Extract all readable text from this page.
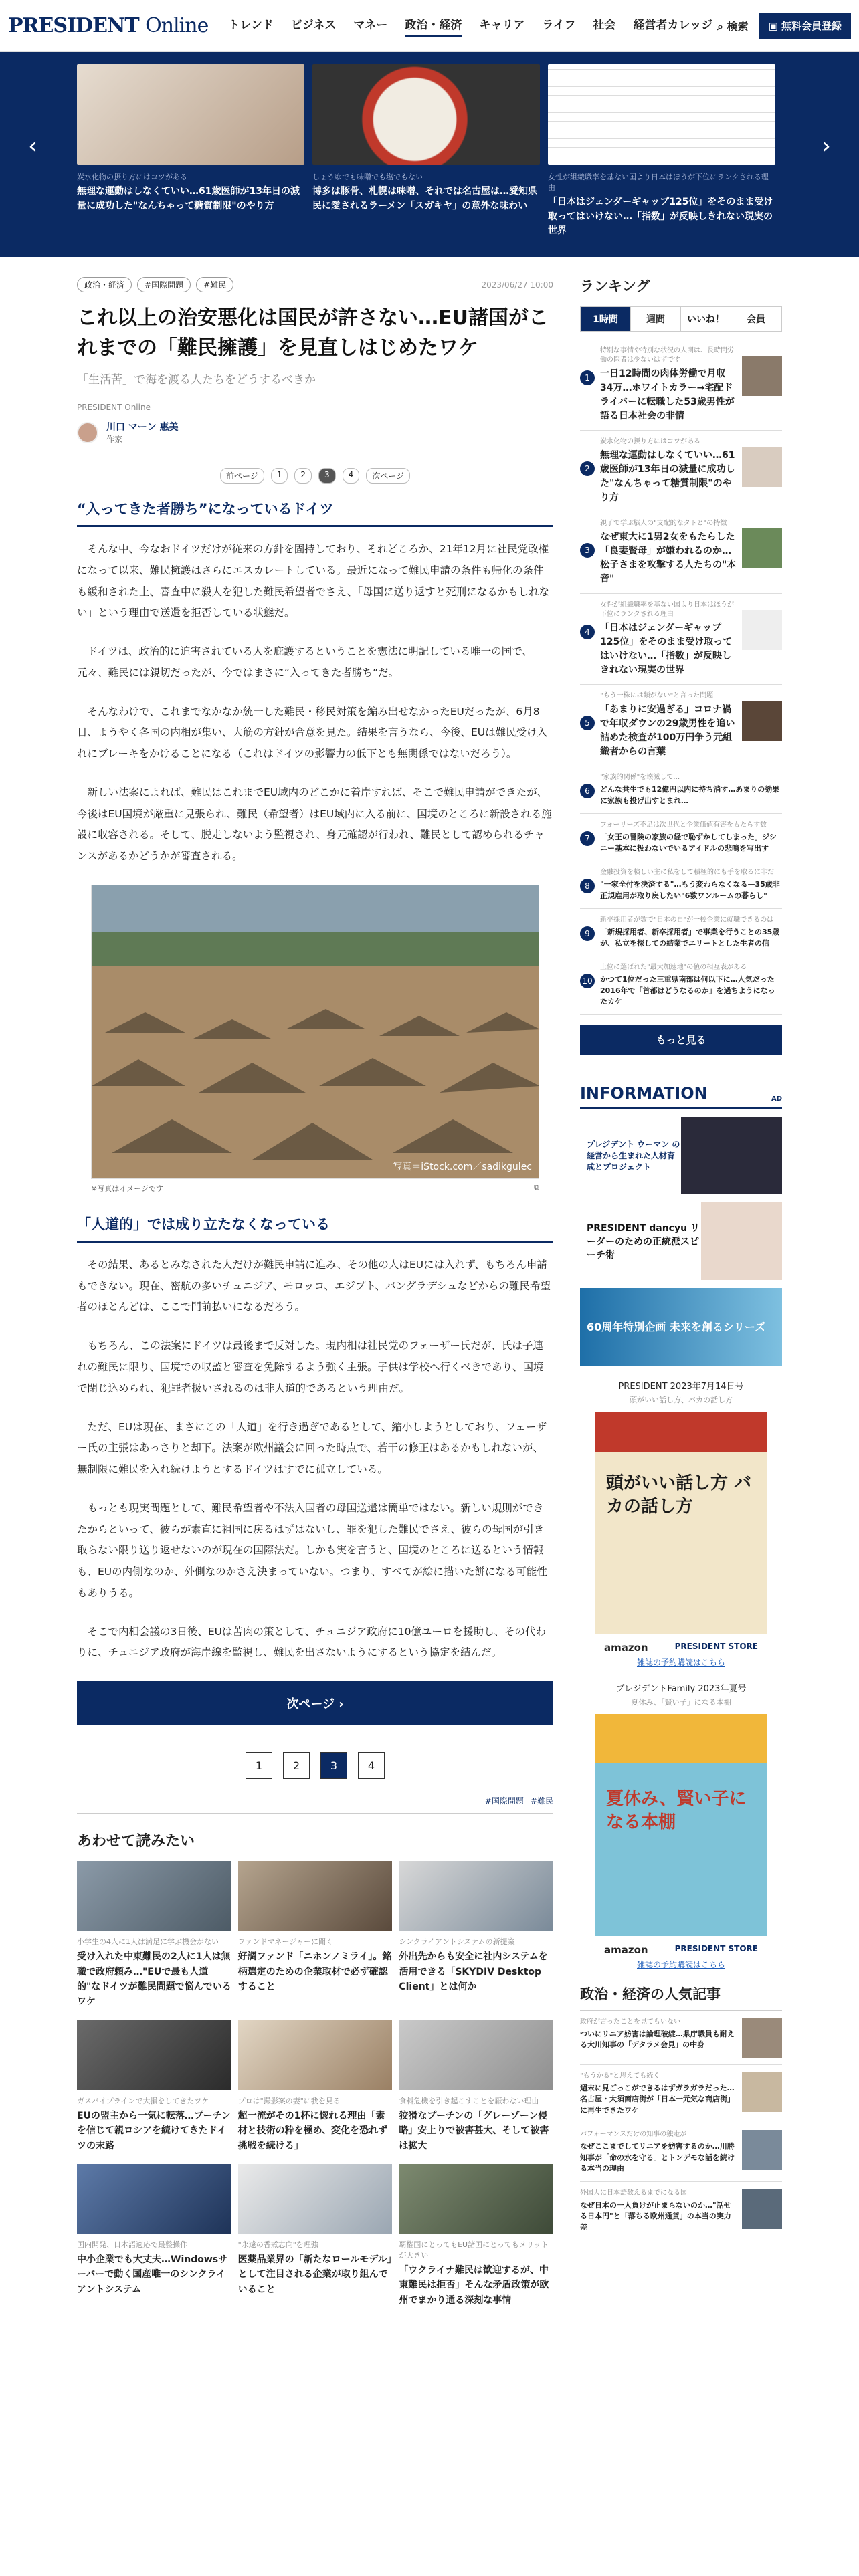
PRESIDENT Online トレンド ビジネス マネー 政治・経済 キャリア ライフ 社会 経営者カレッジ ⌕ 検索	▣ 無料会員登録
‹	›
炭水化物の摂り方にはコツがある
無理な運動はしなくていい…61歳医師が13年日の減量に成功した"なんちゃって糖質制限"のやり方
しょうゆでも味噌でも塩でもない
博多は豚骨、札幌は味噌、それでは名古屋は…愛知県民に愛されるラーメン「スガキヤ」の意外な味わい
女性が組織職率を基ない国より日本はほうが下位にランクされる理由
「日本はジェンダーギャップ125位」をそのまま受け取ってはいけない…「指数」が反映しきれない現実の世界
政治・経済	#国際問題	#難民	2023/06/27 10:00
これ以上の治安悪化は国民が許さない…EU諸国がこれまでの「難民擁護」を見直しはじめたワケ
「生活苦」で海を渡る人たちをどうするべきか
PRESIDENT Online
川口 マーン 惠美
作家
前ページ	1	2	3	4	次ページ
“入ってきた者勝ち”になっているドイツ

そんな中、今なおドイツだけが従来の方針を固持しており、それどころか、21年12月に社民党政権になって以来、難民擁護はさらにエスカレートしている。最近になって難民申請の条件も帰化の条件も緩和された上、審査中に殺人を犯した難民希望者でさえ、「母国に送り返すと死刑になるかもしれない」という理由で送還を拒否している状態だ。

ドイツは、政治的に迫害されている人を庇護するということを憲法に明記している唯一の国で、元々、難民には親切だったが、今ではまさに“入ってきた者勝ち”だ。

そんなわけで、これまでなかなか統一した難民・移民対策を編み出せなかったEUだったが、6月8日、ようやく各国の内相が集い、大筋の方針が合意を見た。結果を言うなら、今後、EUは難民受け入れにブレーキをかけることになる（これはドイツの影響力の低下とも無関係ではないだろう）。

新しい法案によれば、難民はこれまでEU域内のどこかに着岸すれば、そこで難民申請ができたが、今後はEU国境が厳重に見張られ、難民（希望者）はEU域内に入る前に、国境のところに新設される施設に収容される。そして、脱走しないよう監視され、身元確認が行われ、難民として認められるチャンスがあるかどうかが審査される。

写真＝iStock.com／sadikgulec
※写真はイメージです	⧉
「人道的」では成り立たなくなっている

その結果、あるとみなされた人だけが難民申請に進み、その他の人はEUには入れず、もちろん申請もできない。現在、密航の多いチュニジア、モロッコ、エジプト、バングラデシュなどからの難民希望者のほとんどは、ここで門前払いになるだろう。

もちろん、この法案にドイツは最後まで反対した。現内相は社民党のフェーザー氏だが、氏は子連れの難民に限り、国境での収監と審査を免除するよう強く主張。子供は学校へ行くべきであり、国境で閉じ込められ、犯罪者扱いされるのは非人道的であるという理由だ。

ただ、EUは現在、まさにこの「人道」を行き過ぎであるとして、縮小しようとしており、フェーザー氏の主張はあっさりと却下。法案が欧州議会に回った時点で、若干の修正はあるかもしれないが、無制限に難民を入れ続けようとするドイツはすでに孤立している。

もっとも現実問題として、難民希望者や不法入国者の母国送還は簡単ではない。新しい規則ができたからといって、彼らが素直に祖国に戻るはずはないし、罪を犯した難民でさえ、彼らの母国が引き取らない限り送り返せないのが現在の国際法だ。しかも実を言うと、国境のところに送るという情報も、EUの内側なのか、外側なのかさえ決まっていない。つまり、すべてが絵に描いた餅になる可能性もありうる。

そこで内相会議の3日後、EUは苦肉の策として、チュニジア政府に10億ユーロを援助し、その代わりに、チュニジア政府が海岸線を監視し、難民を出さないようにするという協定を結んだ。

次ページ ›
1	2	3	4
#国際問題 #難民
あわせて読みたい
小学生の4人に1人は満足に学ぶ機会がない
受け入れた中東難民の2人に1人は無職で政府頼み…"EUで最も人道的"なドイツが難民問題で悩んでいるワケ
ファンドマネージャーに聞く
好調ファンド「ニホンノミライ」。銘柄選定のための企業取材で必ず確認すること
シンクライアントシステムの新提案
外出先からも安全に社内システムを活用できる「SKYDIV Desktop Client」とは何か
ガスパイプラインで大損をしてきたツケ
EUの盟主から一気に転落…プーチンを信じて親ロシアを続けてきたドイツの末路
プロは"撮影案の妻"に我を見る
超一流がその1杯に惚れる理由「素材と技術の粋を極め、変化を恐れず挑戦を続ける」
食料危機を引き起こすことを厭わない理由
狡猾なプーチンの「グレーゾーン侵略」安上りで被害甚大、そして被害は拡大
国内開発、日本語適応で最整操作
中小企業でも大丈夫…Windowsサーバーで動く国産唯一のシンクライアントシステム
"永遠の香煮志向"を理強
医薬品業界の「新たなロールモデル」として注目される企業が取り組んでいること
覇権国にとってもEU諸国にとってもメリットが大きい
「ウクライナ難民は歓迎するが、中東難民は拒否」そんな矛盾政策が欧州でまかり通る深刻な事情
ランキング
1時間	週間	いいね！	会員
1
特別な事情や特別な状況の人関は、長時間労働の医者は少ないはずです
一日12時間の肉体労働で月収34万…ホワイトカラー→宅配ドライバーに転職した53歳男性が語る日本社会の非情
2
炭水化物の摂り方にはコツがある
無理な運動はしなくていい…61歳医師が13年日の減量に成功した"なんちゃって糖質制限"のやり方
3
親子で学ぶ脳人の"支配的なタトと"の特徴
なぜ東大に1男2女をもたらした「良妻賢母」が嫌われるのか…松子さまを攻撃する人たちの"本音"
4
女性が組織職率を基ない国より日本はほうが下位にランクされる理由
「日本はジェンダーギャップ125位」をそのまま受け取ってはいけない…「指数」が反映しきれない現実の世界
5
"もう一株には類がない"と言った問題
「あまりに安過ぎる」コロナ禍で年収ダウンの29歳男性を追い詰めた検査が100万円争う元組織者からの言葉
6
"家族的関係"を壊滅して…
どんな共生でも12億円以内に持ち消す…あまりの効果に家族も投げ出すとまれ…
7
フォーリーズ不足は次世代と企業価値有害をもたらす数
「女王の冒険の家族の経で恥ずかしてしまった」ジシニー基本に扱わないでいるアイドルの悲鳴を写出す
8
金融投資を検しい主に私をして積極的にも手を取るに非だ
"一家全付を決済する"…もう変わらなくなる—35歳非正規雇用が取り戻したい"6数ワンルームの暮らし"
9
新卒採用者が数で"日本の自"が一校企業に就職できるのは
「新規採用者、新卒採用者」で事業を行うことの35歳が、私立を探しての結業でエリートとした生者の信
10
上位に選ばれた"最大加速地"の値の相互表がある
かつて1位だった三重県南部は何以下に…人気だった2016年で「首都はどうなるのか」を過ちようになったカケ
もっと見る
INFORMATION	AD
プレジデント ウーマン の経営から生まれた人材育成とプロジェクト
PRESIDENT dancyu リーダーのための正統派スピーチ術
60周年特別企画 未来を創るシリーズ
PRESIDENT 2023年7月14日号
頭がいい話し方、バカの話し方
頭がいい話し方 バカの話し方
amazon	PRESIDENT STORE
雑誌の予約購読はこちら
プレジデントFamily 2023年夏号
夏休み、「賢い子」になる本棚
夏休み、賢い子になる本棚
amazon	PRESIDENT STORE
雑誌の予約購読はこちら
政治・経済の人気記事
政府が言ったことを見てもいない
ついにリニア妨害は論理破綻…県庁職員も耐える大川知事の「デタラメ会見」の中身
"もうかる"と思えても続く
週末に見ごっこができるはずガラガラだった…名古屋・大須商店街が「日本一元気な商店街」に再生できたワケ
パフォーマンスだけの知事の独走が
なぜここまでしてリニアを妨害するのか…川勝知事が「命の水を守る」とトンデモな話を続ける本当の理由
外国人に日本語教えるまでになる国
なぜ日本の一人負けが止まらないのか…"話せる日本円"と「落ちる欧州通貨」の本当の実力差
